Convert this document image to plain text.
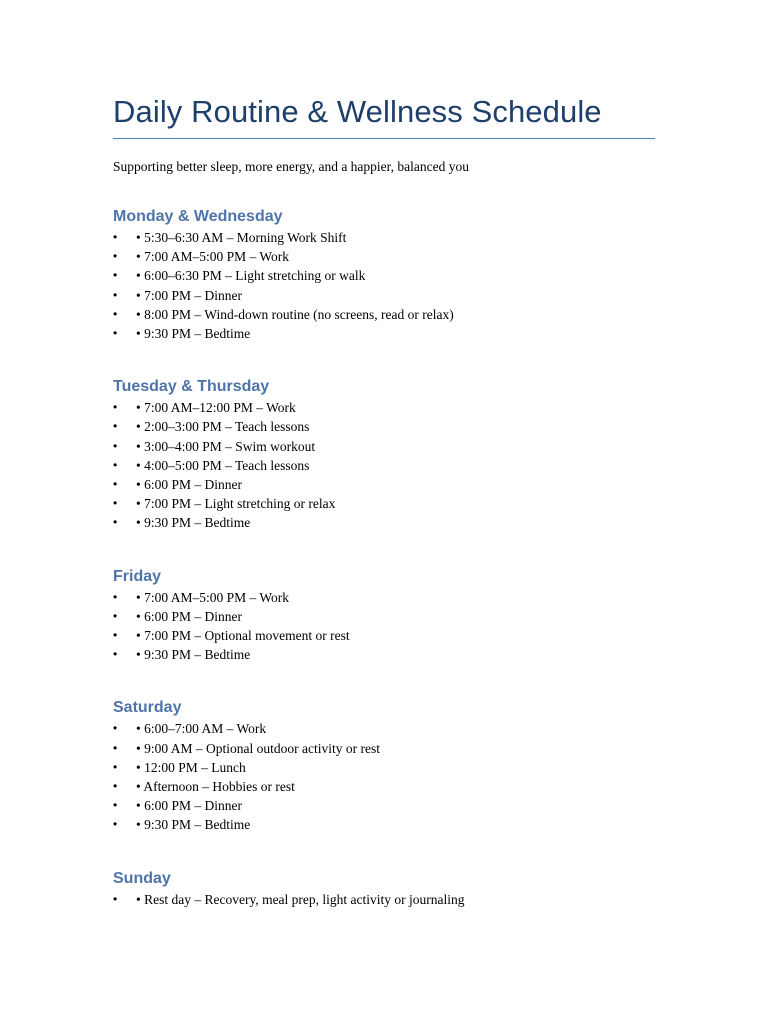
Daily Routine & Wellness Schedule

Supporting better sleep, more energy, and a happier, balanced you

Monday & Wednesday
• • 5:30–6:30 AM – Morning Work Shift
• • 7:00 AM–5:00 PM – Work
• • 6:00–6:30 PM – Light stretching or walk
• • 7:00 PM – Dinner
• • 8:00 PM – Wind-down routine (no screens, read or relax)
• • 9:30 PM – Bedtime
Tuesday & Thursday
• • 7:00 AM–12:00 PM – Work
• • 2:00–3:00 PM – Teach lessons
• • 3:00–4:00 PM – Swim workout
• • 4:00–5:00 PM – Teach lessons
• • 6:00 PM – Dinner
• • 7:00 PM – Light stretching or relax
• • 9:30 PM – Bedtime
Friday
• • 7:00 AM–5:00 PM – Work
• • 6:00 PM – Dinner
• • 7:00 PM – Optional movement or rest
• • 9:30 PM – Bedtime
Saturday
• • 6:00–7:00 AM – Work
• • 9:00 AM – Optional outdoor activity or rest
• • 12:00 PM – Lunch
• • Afternoon – Hobbies or rest
• • 6:00 PM – Dinner
• • 9:30 PM – Bedtime
Sunday
• • Rest day – Recovery, meal prep, light activity or journaling
